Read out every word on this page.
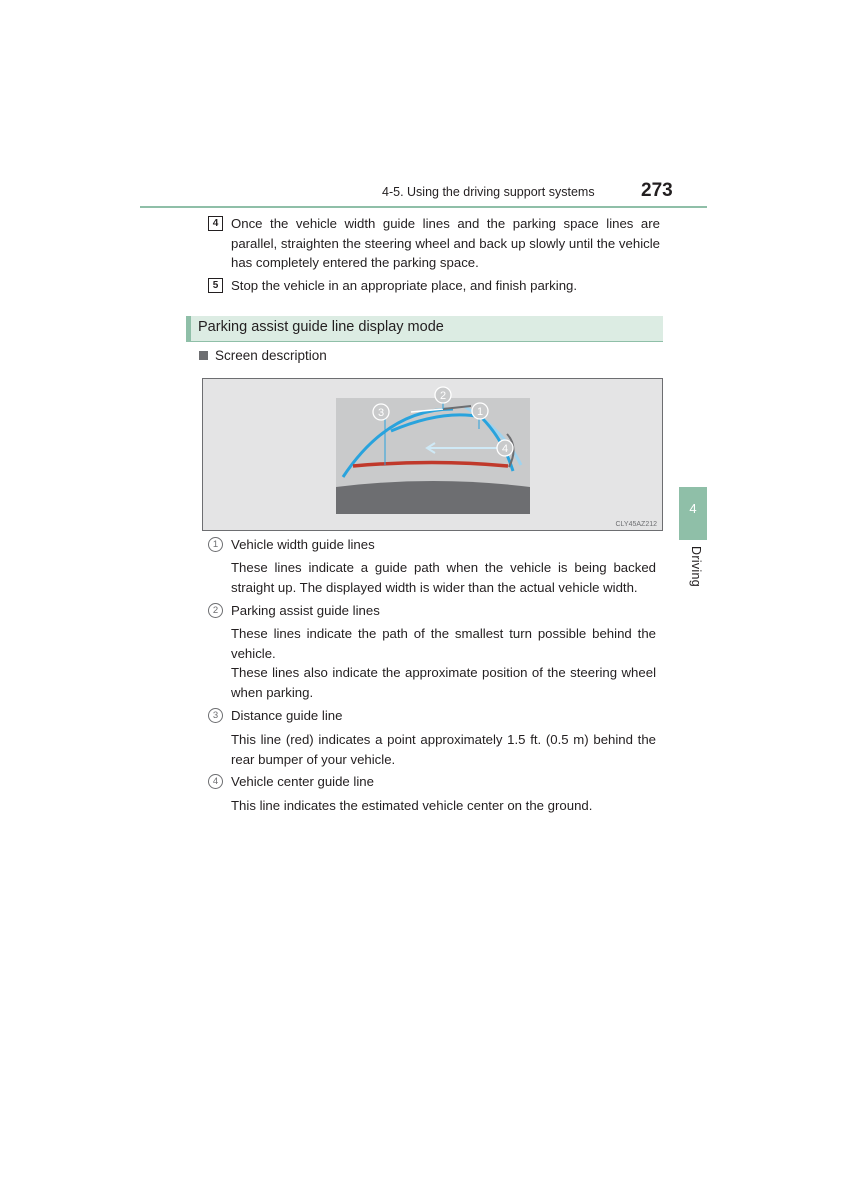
4-5. Using the driving support systems 273
4 Once the vehicle width guide lines and the parking space lines are parallel, straighten the steering wheel and back up slowly until the vehicle has completely entered the parking space.
5 Stop the vehicle in an appropriate place, and finish parking.
Parking assist guide line display mode
Screen description
1
2
3
4
CLY45AZ212
1 Vehicle width guide lines
These lines indicate a guide path when the vehicle is being backed straight up. The displayed width is wider than the actual vehicle width.
2 Parking assist guide lines
These lines indicate the path of the smallest turn possible behind the vehicle.
These lines also indicate the approximate position of the steering wheel when parking.
3 Distance guide line
This line (red) indicates a point approximately 1.5 ft. (0.5 m) behind the rear bumper of your vehicle.
4 Vehicle center guide line
This line indicates the estimated vehicle center on the ground.
4
Driving
